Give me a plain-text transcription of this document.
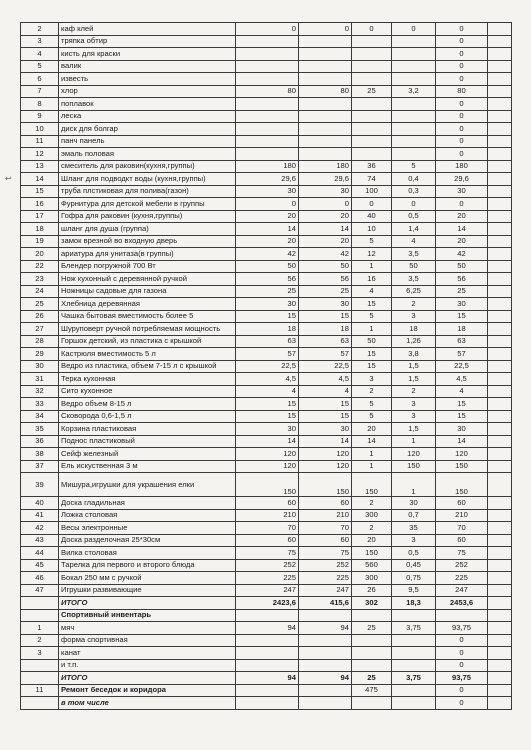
↩
2	каф клей	0	0	0	0	0	
3	тряпка обтир					0	
4	кисть для краски					0	
5	валик					0	
6	известь					0	
7	хлор	80	80	25	3,2	80	
8	поплавок					0	
9	леска					0	
10	диск для болгар					0	
11	панч панель					0	
12	эмаль половая					0	
13	смеситель для раковин(кухня,группы)	180	180	36	5	180	
14	Шланг для подводкт воды (кухня,группы)	29,6	29,6	74	0,4	29,6	
15	труба плстиковая для полива(газон)	30	30	100	0,3	30	
16	Фурнитура для детской мебели в группы	0	0	0	0	0	
17	Гофра для раковин (кухня,группы)	20	20	40	0,5	20	
18	шланг для душа (группа)	14	14	10	1,4	14	
19	замок врезной во входную дверь	20	20	5	4	20	
20	ариатура для унитаза(в группы)	42	42	12	3,5	42	
22	Блендер погружной 700 Вт	50	50	1	50	50	
23	Нож кухонный с деревянной ручкой	56	56	16	3,5	56	
24	Ножницы садовые для газона	25	25	4	6,25	25	
25	Хлебница деревянная	30	30	15	2	30	
26	Чашка бытовая вместимость более 5	15	15	5	3	15	
27	Шуруповерт ручной потребляемая мощность	18	18	1	18	18	
28	Горшок детский, из пластика с крышкой	63	63	50	1,26	63	
29	Кастрюля вместимость 5 л	57	57	15	3,8	57	
30	Ведро из пластика, объем 7-15 л с крышкой	22,5	22,5	15	1,5	22,5	
31	Терка кухонная	4,5	4,5	3	1,5	4,5	
32	Сито кухонное	4	4	2	2	4	
33	Ведро объем 8-15 л	15	15	5	3	15	
34	Сковорода 0,6-1,5 л	15	15	5	3	15	
35	Корзина пластиковая	30	30	20	1,5	30	
36	Поднос пластиковый	14	14	14	1	14	
38	Сейф железный	120	120	1	120	120	
37	Ель искуственная 3 м	120	120	1	150	150	
39	Мишура,игрушки для украшения елки	150	150	150	1	150	
40	Доска гладильная	60	60	2	30	60	
41	Ложка столовая	210	210	300	0,7	210	
42	Весы электронные	70	70	2	35	70	
43	Доска разделочная 25*30см	60	60	20	3	60	
44	Вилка столовая	75	75	150	0,5	75	
45	Тарелка для первого и второго блюда	252	252	560	0,45	252	
46	Бокал 250 мм с ручкой	225	225	300	0,75	225	
47	Игрушки развивающие	247	247	26	9,5	247	
	ИТОГО	2423,6	415,6	302	18,3	2453,6	
	Спортивный инвентарь						
1	мяч	94	94	25	3,75	93,75	
2	форма спортивная					0	
3	канат					0	
	и т.п.					0	
	ИТОГО	94	94	25	3,75	93,75	
11	Ремонт беседок и коридора			475		0	
	в том числе					0	
